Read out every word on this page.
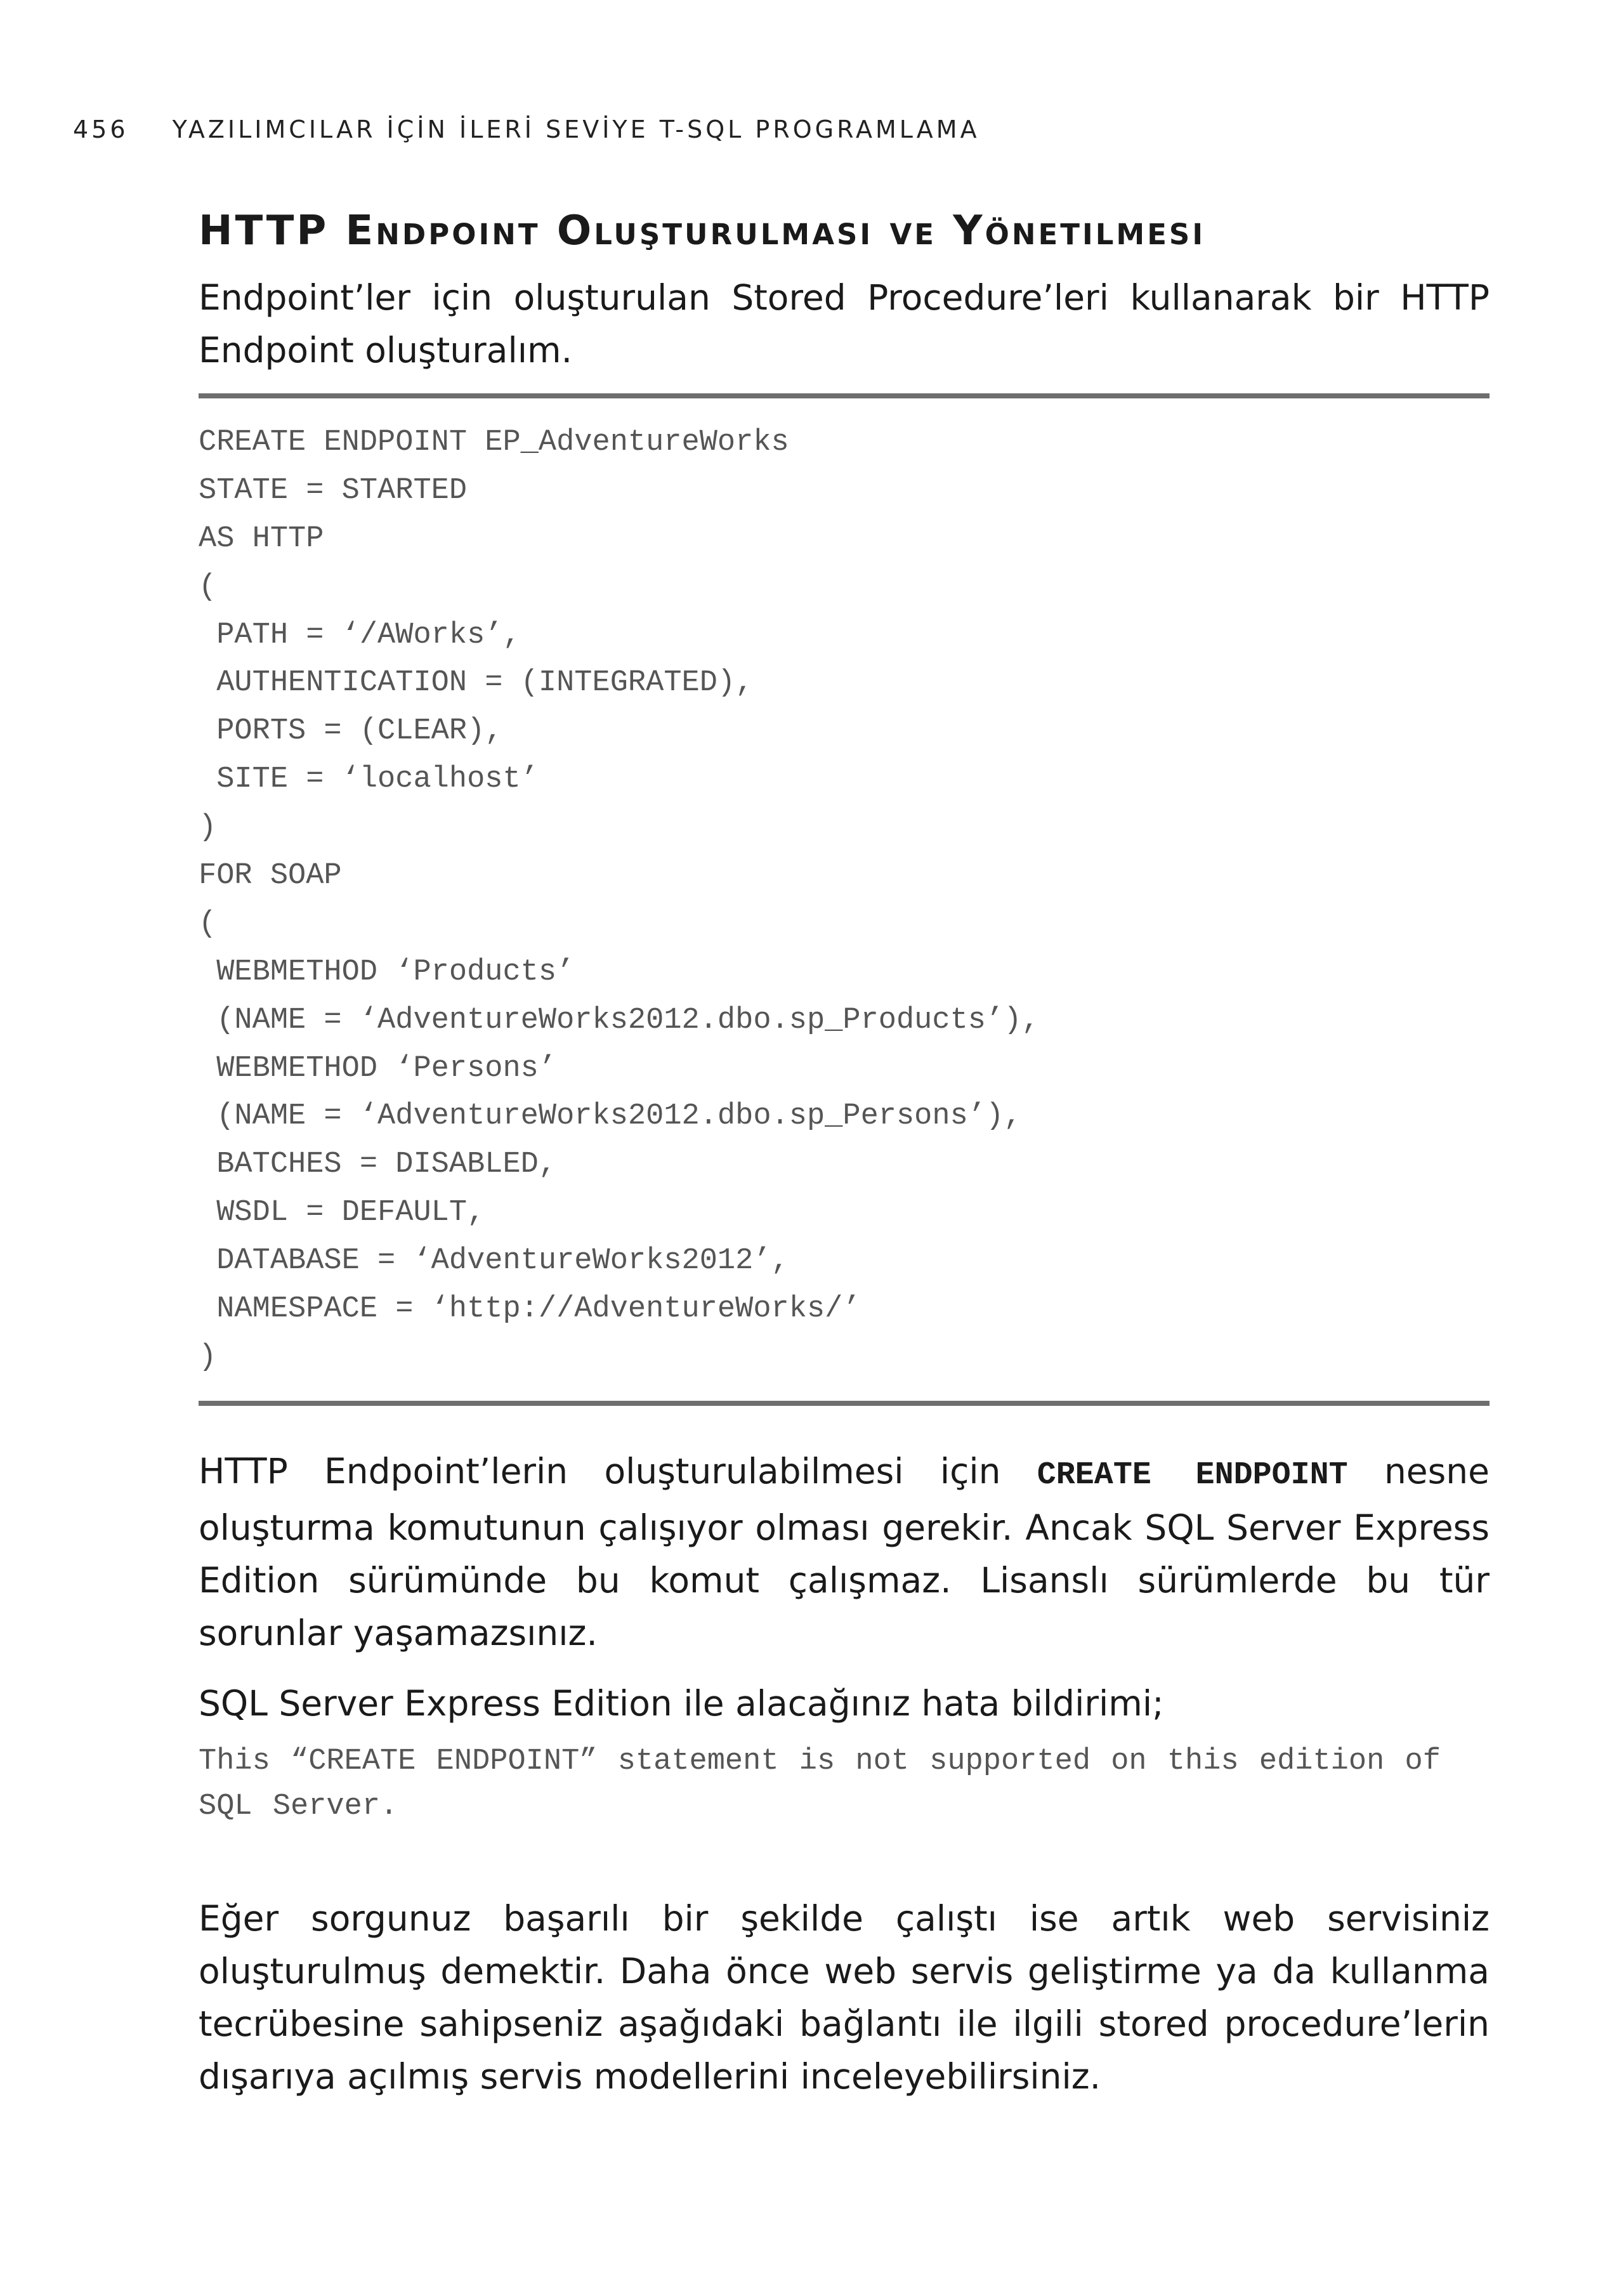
456 YAZILIMCILAR İÇİN İLERİ SEVİYE T-SQL PROGRAMLAMA
HTTP Endpoint Oluşturulması ve Yönetilmesi

Endpoint’ler için oluşturulan Stored Procedure’leri kullanarak bir HTTP Endpoint oluşturalım.

CREATE ENDPOINT EP_AdventureWorks
STATE = STARTED
AS HTTP
(
PATH = ‘/AWorks’,
AUTHENTICATION = (INTEGRATED),
PORTS = (CLEAR),
SITE = ‘localhost’
)
FOR SOAP
(
WEBMETHOD ‘Products’
(NAME = ‘AdventureWorks2012.dbo.sp_Products’),
WEBMETHOD ‘Persons’
(NAME = ‘AdventureWorks2012.dbo.sp_Persons’),
BATCHES = DISABLED,
WSDL = DEFAULT,
DATABASE = ‘AdventureWorks2012’,
NAMESPACE = ‘http://AdventureWorks/’
)

HTTP Endpoint’lerin oluşturulabilmesi için CREATE ENDPOINT nesne oluşturma komutunun çalışıyor olması gerekir. Ancak SQL Server Express Edition sürümünde bu komut çalışmaz. Lisanslı sürümlerde bu tür sorunlar yaşamazsınız.

SQL Server Express Edition ile alacağınız hata bildirimi;

This “CREATE ENDPOINT” statement is not supported on this edition of SQL Server.

Eğer sorgunuz başarılı bir şekilde çalıştı ise artık web servisiniz oluşturulmuş demektir. Daha önce web servis geliştirme ya da kullanma tecrübesine sahipseniz aşağıdaki bağlantı ile ilgili stored procedure’lerin dışarıya açılmış servis modellerini inceleyebilirsiniz.
